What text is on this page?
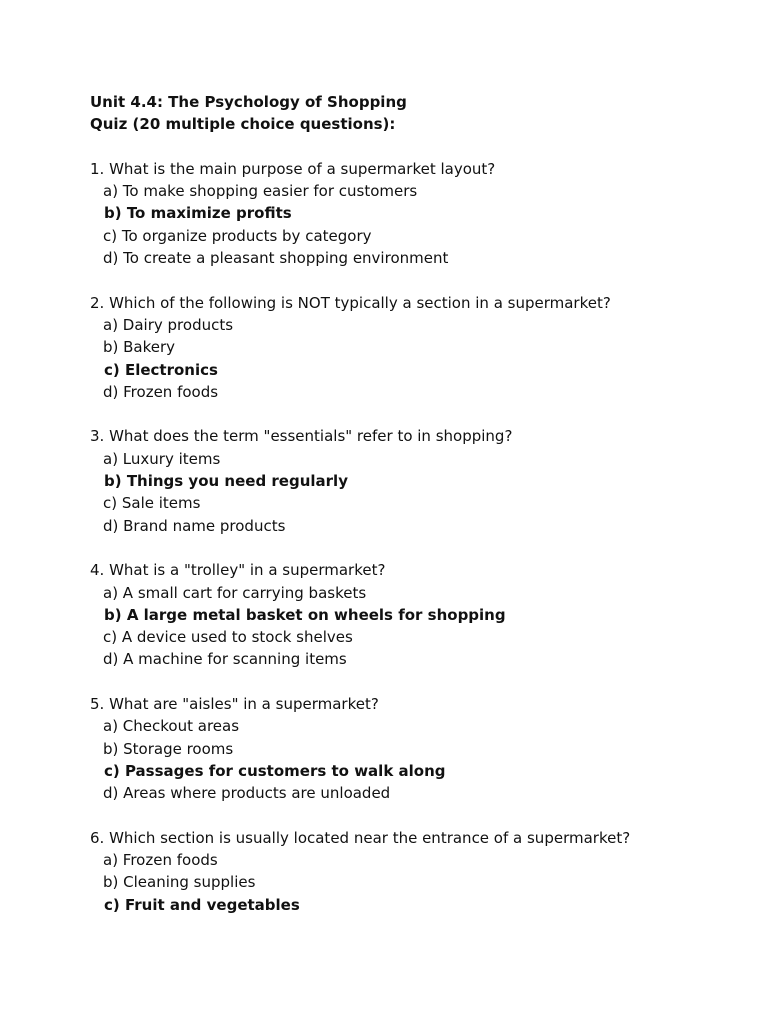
Unit 4.4: The Psychology of Shopping
Quiz (20 multiple choice questions):
1. What is the main purpose of a supermarket layout?
a) To make shopping easier for customers
b) To maximize profits
c) To organize products by category
d) To create a pleasant shopping environment
2. Which of the following is NOT typically a section in a supermarket?
a) Dairy products
b) Bakery
c) Electronics
d) Frozen foods
3. What does the term "essentials" refer to in shopping?
a) Luxury items
b) Things you need regularly
c) Sale items
d) Brand name products
4. What is a "trolley" in a supermarket?
a) A small cart for carrying baskets
b) A large metal basket on wheels for shopping
c) A device used to stock shelves
d) A machine for scanning items
5. What are "aisles" in a supermarket?
a) Checkout areas
b) Storage rooms
c) Passages for customers to walk along
d) Areas where products are unloaded
6. Which section is usually located near the entrance of a supermarket?
a) Frozen foods
b) Cleaning supplies
c) Fruit and vegetables
